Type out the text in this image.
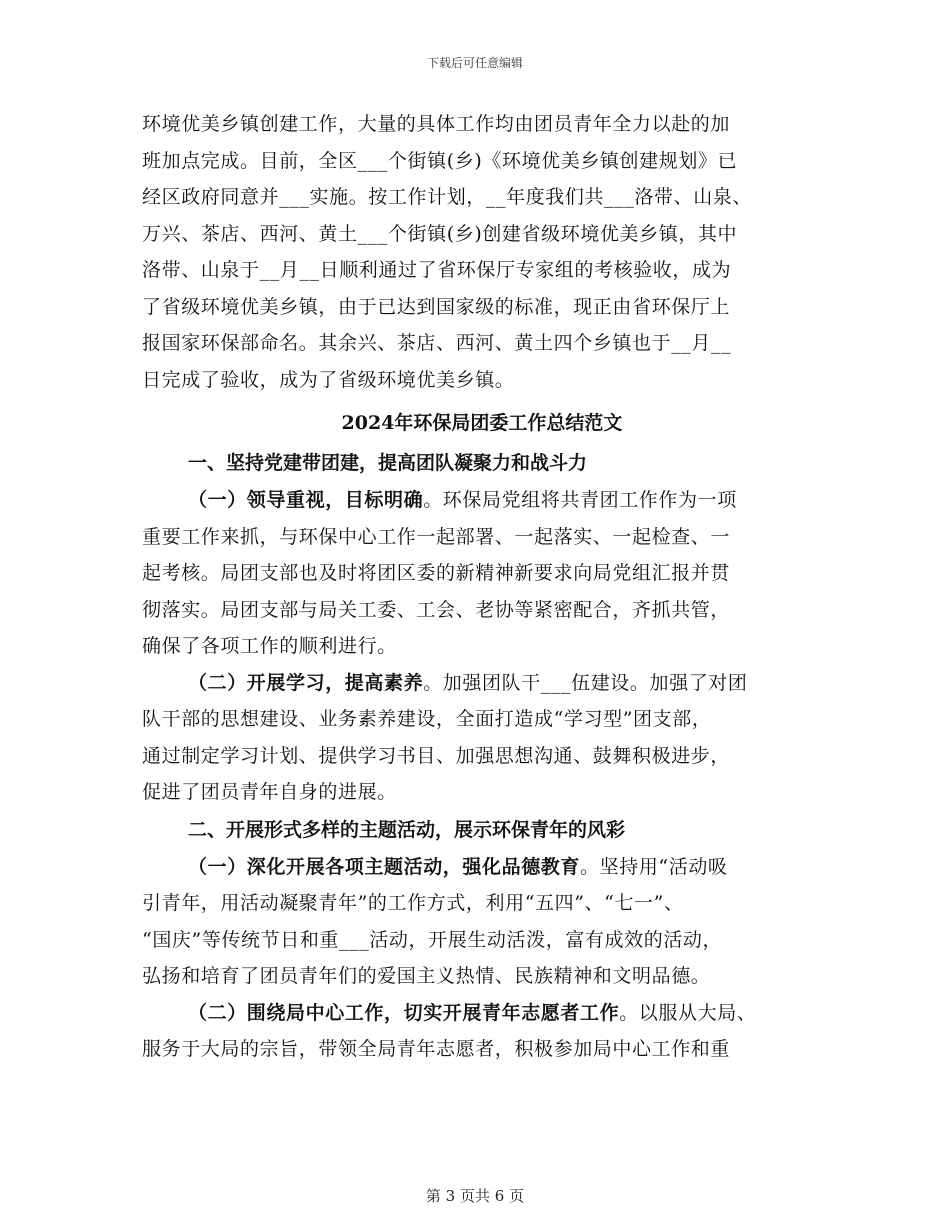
下载后可任意编辑
环境优美乡镇创建工作，大量的具体工作均由团员青年全力以赴的加
班加点完成。目前，全区___个街镇(乡)《环境优美乡镇创建规划》已
经区政府同意并___实施。按工作计划，__年度我们共___洛带、山泉、
万兴、茶店、西河、黄土___个街镇(乡)创建省级环境优美乡镇，其中
洛带、山泉于__月__日顺利通过了省环保厅专家组的考核验收，成为
了省级环境优美乡镇，由于已达到国家级的标准，现正由省环保厅上
报国家环保部命名。其余兴、茶店、西河、黄土四个乡镇也于__月__
日完成了验收，成为了省级环境优美乡镇。
2024年环保局团委工作总结范文
一、坚持党建带团建，提高团队凝聚力和战斗力
（一）领导重视，目标明确。环保局党组将共青团工作作为一项
重要工作来抓，与环保中心工作一起部署、一起落实、一起检查、一
起考核。局团支部也及时将团区委的新精神新要求向局党组汇报并贯
彻落实。局团支部与局关工委、工会、老协等紧密配合，齐抓共管，
确保了各项工作的顺利进行。
（二）开展学习，提高素养。加强团队干___伍建设。加强了对团
队干部的思想建设、业务素养建设，全面打造成“学习型”团支部，
通过制定学习计划、提供学习书目、加强思想沟通、鼓舞积极进步，
促进了团员青年自身的进展。
二、开展形式多样的主题活动，展示环保青年的风彩
（一）深化开展各项主题活动，强化品德教育。坚持用“活动吸
引青年，用活动凝聚青年”的工作方式，利用“五四”、“七一”、
“国庆”等传统节日和重___活动，开展生动活泼，富有成效的活动，
弘扬和培育了团员青年们的爱国主义热情、民族精神和文明品德。
（二）围绕局中心工作，切实开展青年志愿者工作。以服从大局、
服务于大局的宗旨，带领全局青年志愿者，积极参加局中心工作和重
第 3 页共 6 页
